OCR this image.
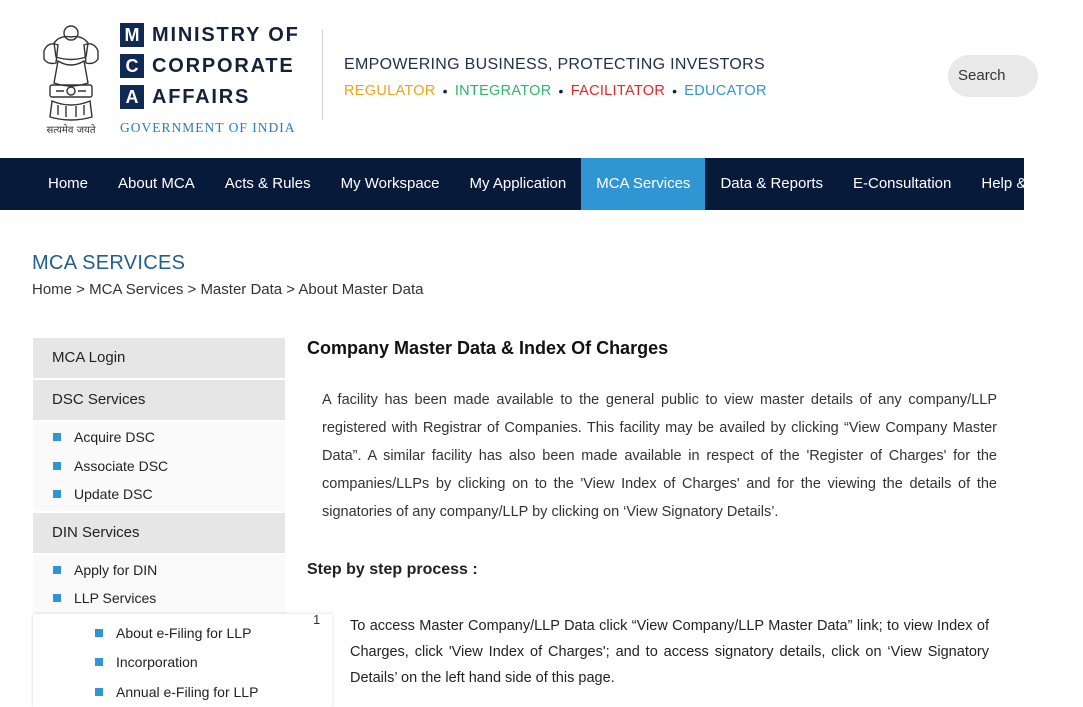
सत्यमेव जयते
M MINISTRY OF
C CORPORATE
A AFFAIRS
GOVERNMENT OF INDIA
EMPOWERING BUSINESS, PROTECTING INVESTORS
REGULATOR • INTEGRATOR • FACILITATOR • EDUCATOR
Search
Home	About MCA	Acts & Rules	My Workspace	My Application	MCA Services	Data & Reports	E-Consultation	Help & FAQs
MCA SERVICES
Home > MCA Services > Master Data > About Master Data
MCA Login
DSC Services
Acquire DSC
Associate DSC
Update DSC
DIN Services
Apply for DIN
LLP Services
About e-Filing for LLP
Incorporation
Annual e-Filing for LLP
1
Company Master Data & Index Of Charges
A facility has been made available to the general public to view master details of any company/LLP registered with Registrar of Companies. This facility may be availed by clicking “View Company Master Data”. A similar facility has also been made available in respect of the 'Register of Charges' for the companies/LLPs by clicking on to the 'View Index of Charges' and for the viewing the details of the signatories of any company/LLP by clicking on ‘View Signatory Details’.
Step by step process :
To access Master Company/LLP Data click “View Company/LLP Master Data” link; to view Index of Charges, click 'View Index of Charges'; and to access signatory details, click on ‘View Signatory Details’ on the left hand side of this page.
